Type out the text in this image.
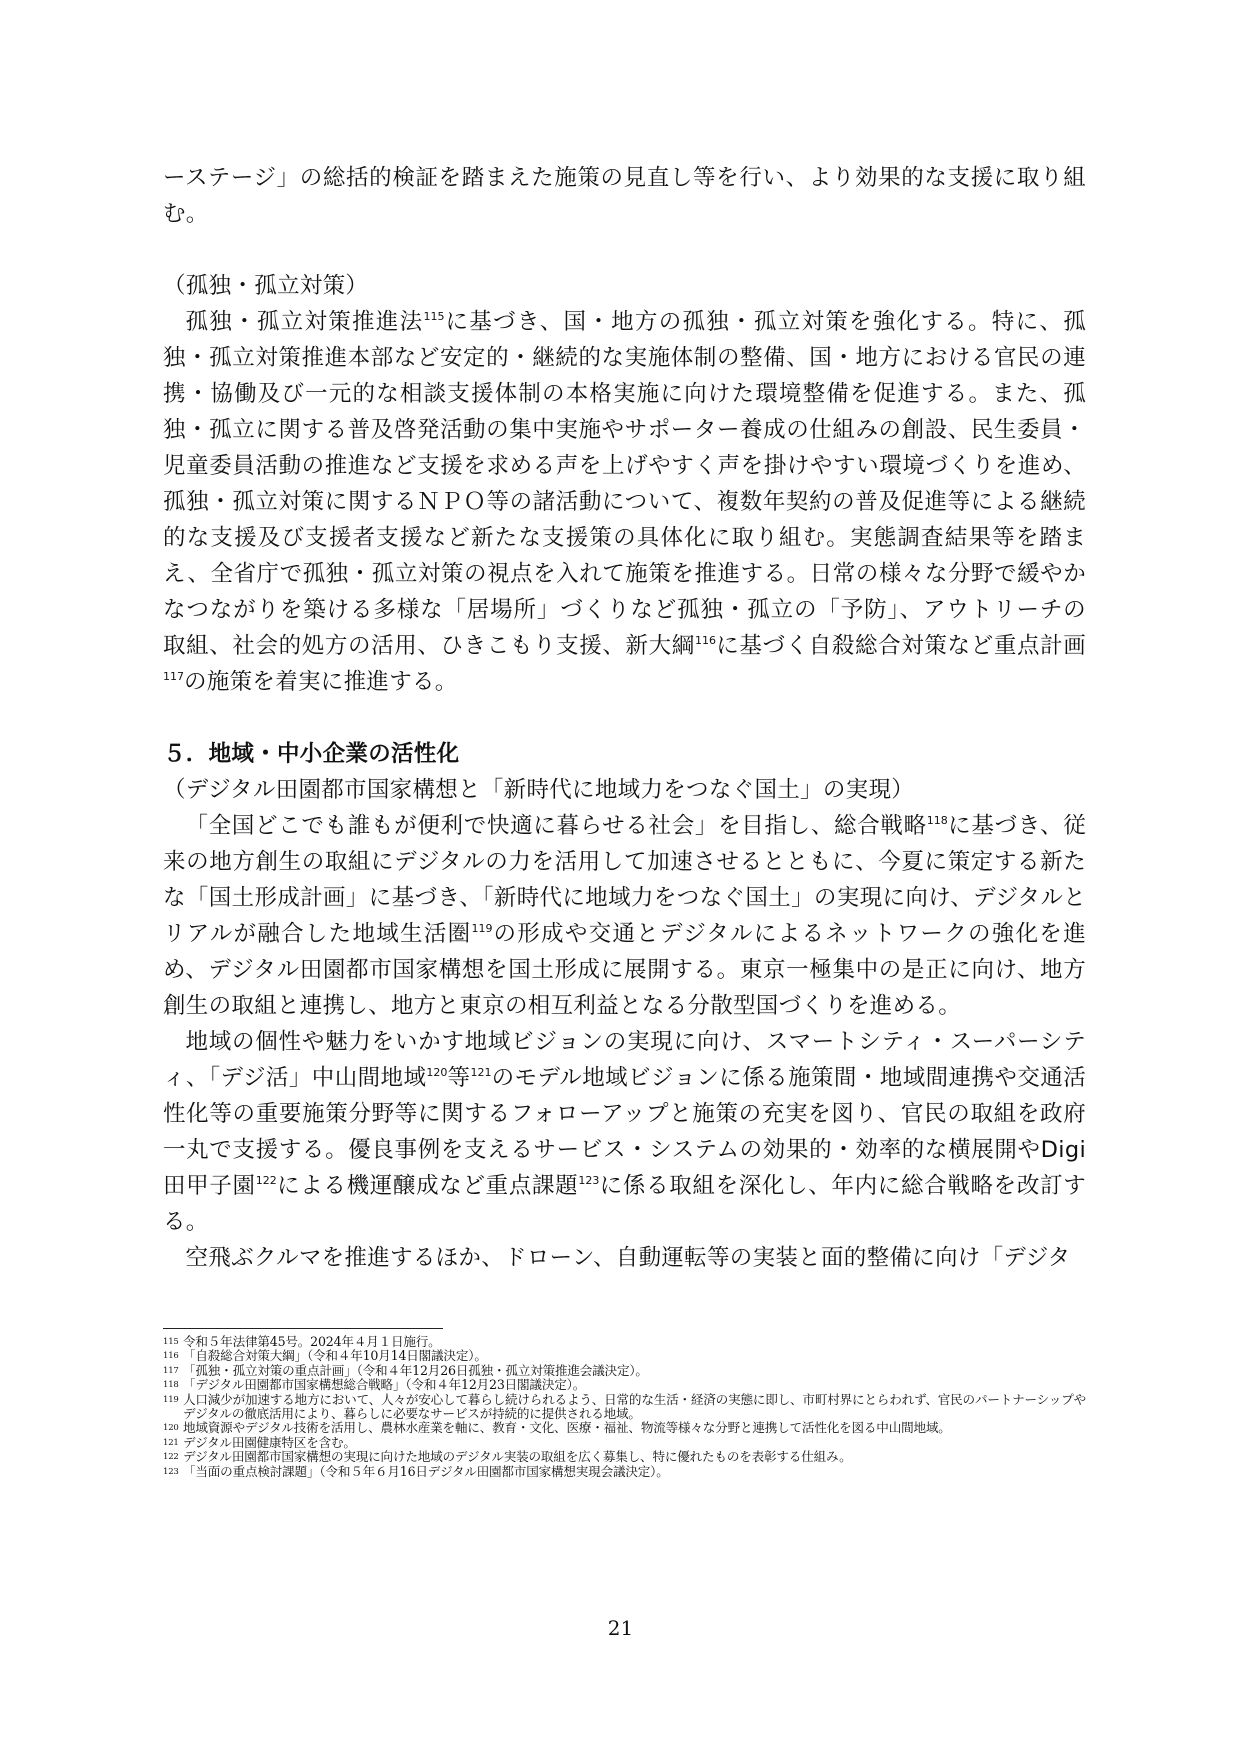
ーステージ」の総括的検証を踏まえた施策の見直し等を行い、より効果的な支援に取り組む。

（孤独・孤立対策）

孤独・孤立対策推進法$^{115}$に基づき、国・地方の孤独・孤立対策を強化する。特に、孤独・孤立対策推進本部など安定的・継続的な実施体制の整備、国・地方における官民の連携・協働及び一元的な相談支援体制の本格実施に向けた環境整備を促進する。また、孤独・孤立に関する普及啓発活動の集中実施やサポーター養成の仕組みの創設、民生委員・児童委員活動の推進など支援を求める声を上げやすく声を掛けやすい環境づくりを進め、孤独・孤立対策に関するＮＰＯ等の諸活動について、複数年契約の普及促進等による継続的な支援及び支援者支援など新たな支援策の具体化に取り組む。実態調査結果等を踏まえ、全省庁で孤独・孤立対策の視点を入れて施策を推進する。日常の様々な分野で緩やかなつながりを築ける多様な「居場所」づくりなど孤独・孤立の「予防」、アウトリーチの取組、社会的処方の活用、ひきこもり支援、新大綱$^{116}$に基づく自殺総合対策など重点計画$^{117}$の施策を着実に推進する。

５．地域・中小企業の活性化

（デジタル田園都市国家構想と「新時代に地域力をつなぐ国土」の実現）

「全国どこでも誰もが便利で快適に暮らせる社会」を目指し、総合戦略$^{118}$に基づき、従来の地方創生の取組にデジタルの力を活用して加速させるとともに、今夏に策定する新たな「国土形成計画」に基づき、「新時代に地域力をつなぐ国土」の実現に向け、デジタルとリアルが融合した地域生活圏$^{119}$の形成や交通とデジタルによるネットワークの強化を進め、デジタル田園都市国家構想を国土形成に展開する。東京一極集中の是正に向け、地方創生の取組と連携し、地方と東京の相互利益となる分散型国づくりを進める。

地域の個性や魅力をいかす地域ビジョンの実現に向け、スマートシティ・スーパーシティ、「デジ活」中山間地域$^{120}$等$^{121}$のモデル地域ビジョンに係る施策間・地域間連携や交通活性化等の重要施策分野等に関するフォローアップと施策の充実を図り、官民の取組を政府一丸で支援する。優良事例を支えるサービス・システムの効果的・効率的な横展開やDigi田甲子園$^{122}$による機運醸成など重点課題$^{123}$に係る取組を深化し、年内に総合戦略を改訂する。

空飛ぶクルマを推進するほか、ドローン、自動運転等の実装と面的整備に向け「デジタ

115 令和５年法律第45号。2024年４月１日施行。

116 「自殺総合対策大綱」（令和４年10月14日閣議決定）。

117 「孤独・孤立対策の重点計画」（令和４年12月26日孤独・孤立対策推進会議決定）。

118 「デジタル田園都市国家構想総合戦略」（令和４年12月23日閣議決定）。

119 人口減少が加速する地方において、人々が安心して暮らし続けられるよう、日常的な生活・経済の実態に即し、市町村界にとらわれず、官民のパートナーシップやデジタルの徹底活用により、暮らしに必要なサービスが持続的に提供される地域。

120 地域資源やデジタル技術を活用し、農林水産業を軸に、教育・文化、医療・福祉、物流等様々な分野と連携して活性化を図る中山間地域。

121 デジタル田園健康特区を含む。

122 デジタル田園都市国家構想の実現に向けた地域のデジタル実装の取組を広く募集し、特に優れたものを表彰する仕組み。

123 「当面の重点検討課題」（令和５年６月16日デジタル田園都市国家構想実現会議決定）。

21
